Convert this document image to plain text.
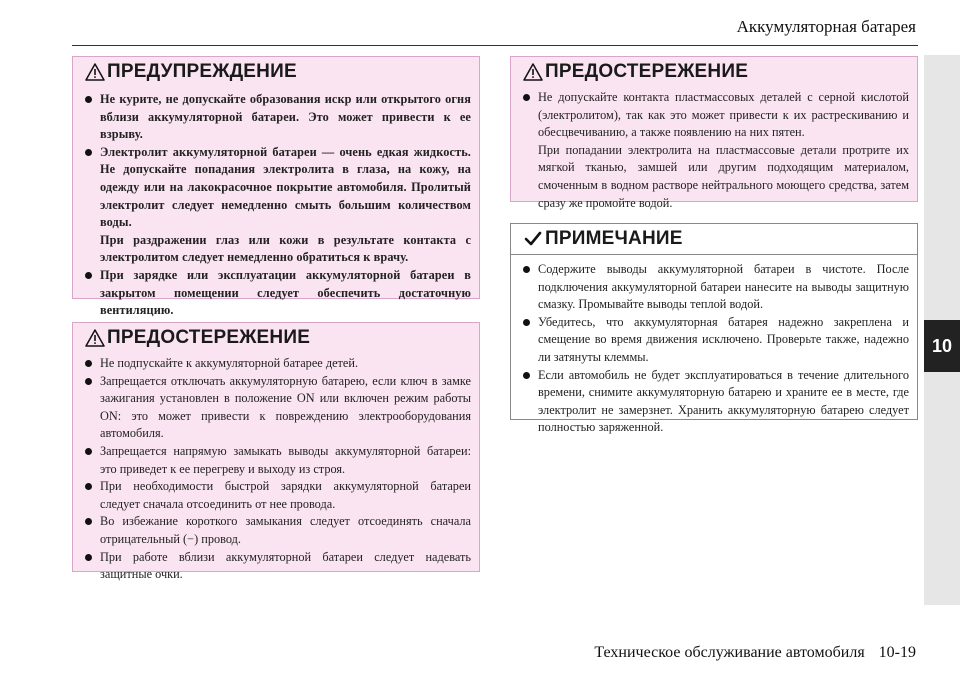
Аккумуляторная батарея
10
ПРЕДУПРЕЖДЕНИЕ
Не курите, не допускайте образования искр или открытого огня вблизи аккумуляторной батареи. Это может привести к ее взрыву.
Электролит аккумуляторной батареи — очень едкая жидкость. Не допускайте попадания электролита в глаза, на кожу, на одежду или на лакокрасочное покрытие автомобиля. Пролитый электролит следует немедленно смыть большим количеством воды.
При раздражении глаз или кожи в результате контакта с электролитом следует немедленно обратиться к врачу.
При зарядке или эксплуатации аккумуляторной батареи в закрытом помещении следует обеспечить достаточную вентиляцию.
ПРЕДОСТЕРЕЖЕНИЕ
Не подпускайте к аккумуляторной батарее детей.
Запрещается отключать аккумуляторную батарею, если ключ в замке зажигания установлен в положение ON или включен режим работы ON: это может привести к повреждению электрооборудования автомобиля.
Запрещается напрямую замыкать выводы аккумуляторной батареи: это приведет к ее перегреву и выходу из строя.
При необходимости быстрой зарядки аккумуляторной батареи следует сначала отсоединить от нее провода.
Во избежание короткого замыкания следует отсоединять сначала отрицательный (−) провод.
При работе вблизи аккумуляторной батареи следует надевать защитные очки.
ПРЕДОСТЕРЕЖЕНИЕ
Не допускайте контакта пластмассовых деталей с серной кислотой (электролитом), так как это может привести к их растрескиванию и обесцвечиванию, а также появлению на них пятен.
При попадании электролита на пластмассовые детали протрите их мягкой тканью, замшей или другим подходящим материалом, смоченным в водном растворе нейтрального моющего средства, затем сразу же промойте водой.
ПРИМЕЧАНИЕ
Содержите выводы аккумуляторной батареи в чистоте. После подключения аккумуляторной батареи нанесите на выводы защитную смазку. Промывайте выводы теплой водой.
Убедитесь, что аккумуляторная батарея надежно закреплена и смещение во время движения исключено. Проверьте также, надежно ли затянуты клеммы.
Если автомобиль не будет эксплуатироваться в течение длительного времени, снимите аккумуляторную батарею и храните ее в месте, где электролит не замерзнет. Хранить аккумуляторную батарею следует полностью заряженной.
Техническое обслуживание автомобиля 10-19
